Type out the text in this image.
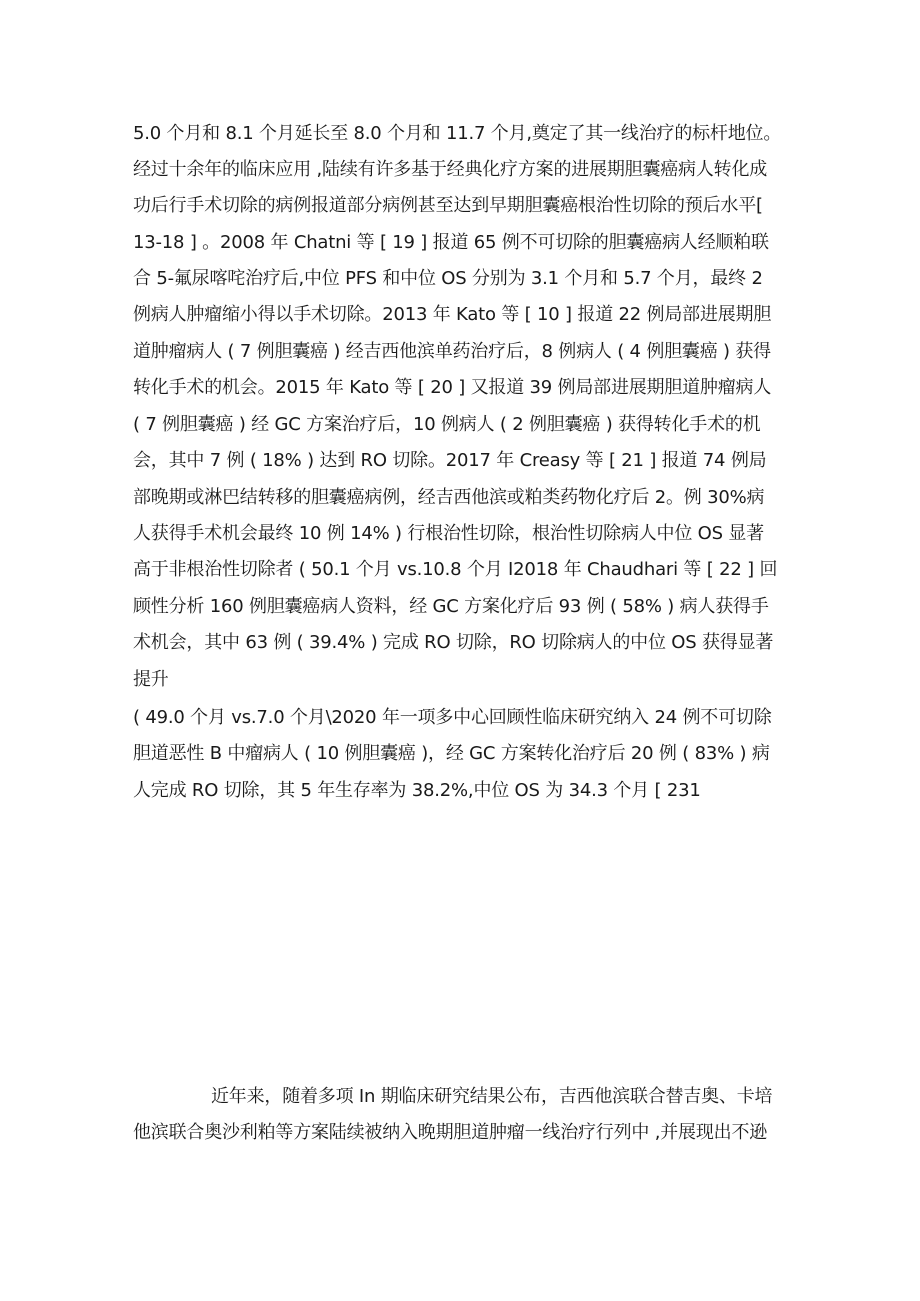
5.0 个月和 8.1 个月延长至 8.0 个月和 11.7 个月,奠定了其一线治疗的标杆地位。
经过十余年的临床应用 ,陆续有许多基于经典化疗方案的进展期胆囊癌病人转化成
功后行手术切除的病例报道部分病例甚至达到早期胆囊癌根治性切除的预后水平[
13-18 ] 。2008 年 Chatni 等 [ 19 ] 报道 65 例不可切除的胆囊癌病人经顺粕联
合 5-氟尿喀咤治疗后,中位 PFS 和中位 OS 分别为 3.1 个月和 5.7 个月，最终 2
例病人肿瘤缩小得以手术切除。2013 年 Kato 等 [ 10 ] 报道 22 例局部进展期胆
道肿瘤病人 ( 7 例胆囊癌 ) 经吉西他滨单药治疗后，8 例病人 ( 4 例胆囊癌 ) 获得
转化手术的机会。2015 年 Kato 等 [ 20 ] 又报道 39 例局部进展期胆道肿瘤病人
( 7 例胆囊癌 ) 经 GC 方案治疗后，10 例病人 ( 2 例胆囊癌 ) 获得转化手术的机
会，其中 7 例 ( 18% ) 达到 RO 切除。2017 年 Creasy 等 [ 21 ] 报道 74 例局
部晚期或淋巴结转移的胆囊癌病例，经吉西他滨或粕类药物化疗后 2。例 30%病
人获得手术机会最终 10 例 14% ) 行根治性切除，根治性切除病人中位 OS 显著
高于非根治性切除者 ( 50.1 个月 vs.10.8 个月 I2018 年 Chaudhari 等 [ 22 ] 回
顾性分析 160 例胆囊癌病人资料，经 GC 方案化疗后 93 例 ( 58% ) 病人获得手
术机会，其中 63 例 ( 39.4% ) 完成 RO 切除，RO 切除病人的中位 OS 获得显著
提升
( 49.0 个月 vs.7.0 个月\2020 年一项多中心回顾性临床研究纳入 24 例不可切除
胆道恶性 B 中瘤病人 ( 10 例胆囊癌 )，经 GC 方案转化治疗后 20 例 ( 83% ) 病
人完成 RO 切除，其 5 年生存率为 38.2%,中位 OS 为 34.3 个月 [ 231
近年来，随着多项 In 期临床研究结果公布，吉西他滨联合替吉奥、卡培
他滨联合奥沙利粕等方案陆续被纳入晚期胆道肿瘤一线治疗行列中 ,并展现出不逊
